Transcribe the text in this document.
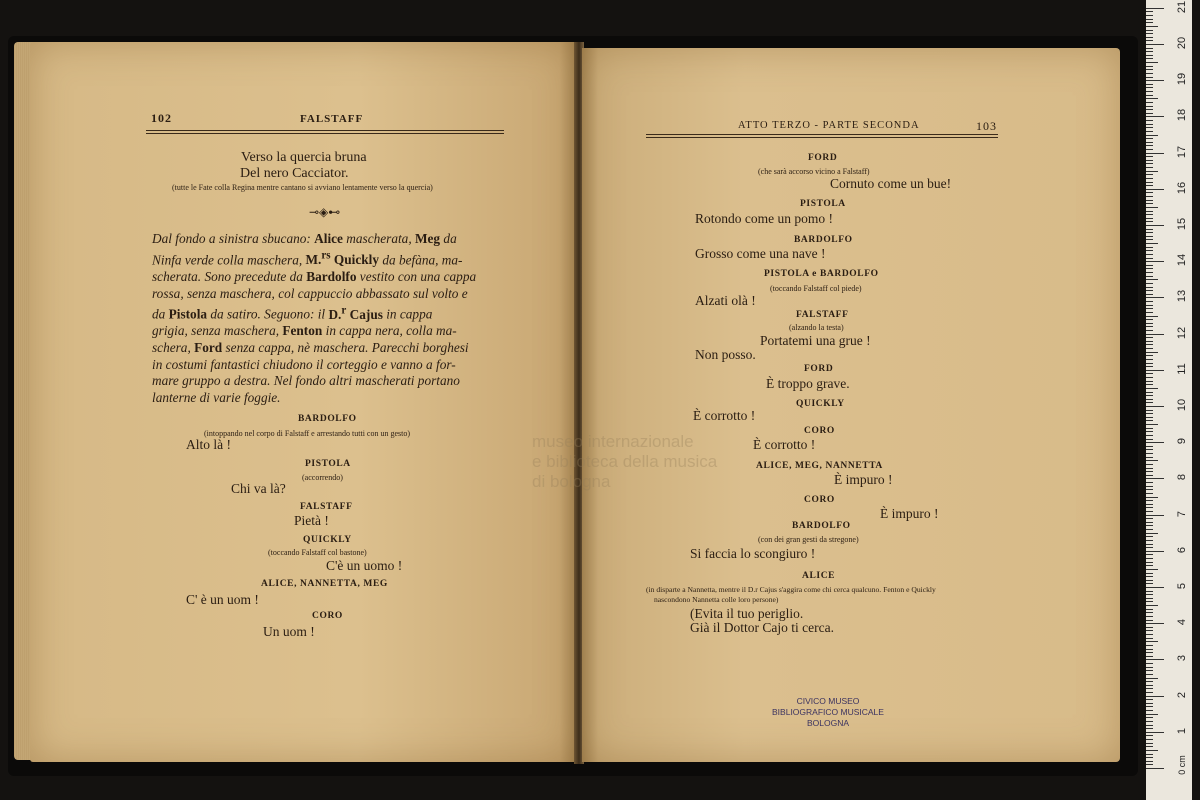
102	FALSTAFF
Verso la quercia bruna
Del nero Cacciator.
(tutte le Fate colla Regina mentre cantano si avviano lentamente verso la quercia)
⊸◈⊷
Dal fondo a sinistra sbucano: Alice mascherata, Meg da
Ninfa verde colla maschera, M.$^{rs}$ Quickly da befàna, ma-
scherata. Sono precedute da Bardolfo vestito con una cappa
rossa, senza maschera, col cappuccio abbassato sul volto e
da Pistola da satiro. Seguono: il D.$^r$ Cajus in cappa
grigia, senza maschera, Fenton in cappa nera, colla ma-
schera, Ford senza cappa, nè maschera. Parecchi borghesi
in costumi fantastici chiudono il corteggio e vanno a for-
mare gruppo a destra. Nel fondo altri mascherati portano
lanterne di varie foggie.
BARDOLFO
(intoppando nel corpo di Falstaff e arrestando tutti con un gesto)
Alto là !
PISTOLA
(accorrendo)
Chi va là?
FALSTAFF
Pietà !
QUICKLY
(toccando Falstaff col bastone)
C'è un uomo !
ALICE, NANNETTA, MEG
C' è un uom !
CORO
Un uom !
ATTO TERZO - PARTE SECONDA	103
FORD
(che sarà accorso vicino a Falstaff)
Cornuto come un bue!
PISTOLA
Rotondo come un pomo !
BARDOLFO
Grosso come una nave !
PISTOLA e BARDOLFO
(toccando Falstaff col piede)
Alzati olà !
FALSTAFF
(alzando la testa)
Portatemi una grue !
Non posso.
FORD
È troppo grave.
QUICKLY
È corrotto !
CORO
È corrotto !
ALICE, MEG, NANNETTA
È impuro !
CORO
È impuro !
BARDOLFO
(con dei gran gesti da stregone)
Si faccia lo scongiuro !
ALICE
(in disparte a Nannetta, mentre il D.r Cajus s'aggira come chi cerca qualcuno. Fenton e Quickly
nascondono Nannetta colle loro persone)
(Evita il tuo periglio.
Già il Dottor Cajo ti cerca.
CIVICO MUSEO
BIBLIOGRAFICO MUSICALE
BOLOGNA
museo internazionale
e biblioteca della musica
di bologna
0 cm
1
2
3
4
5
6
7
8
9
10
11
12
13
14
15
16
17
18
19
20
21
